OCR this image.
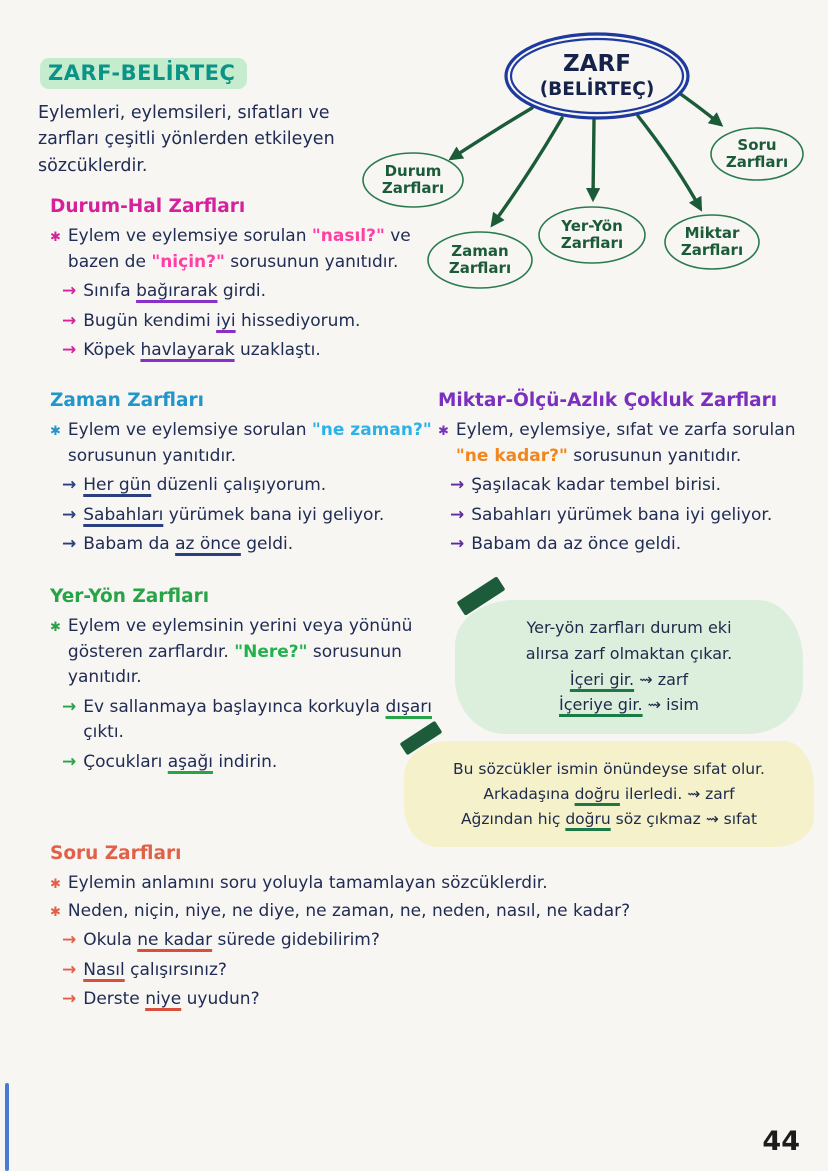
ZARF-BELİRTEÇ

Eylemleri, eylemsileri, sıfatları ve zarfları çeşitli yönlerden etkileyen sözcüklerdir.

ZARF
(BELİRTEÇ)
Durum
Zarfları
Zaman
Zarfları
Yer-Yön
Zarfları
Miktar
Zarfları
Soru
Zarfları
Durum-Hal Zarfları
✱ Eylem ve eylemsiye sorulan "nasıl?" ve bazen de "niçin?" sorusunun yanıtıdır.
→ Sınıfa bağırarak girdi.
→ Bugün kendimi iyi hissediyorum.
→ Köpek havlayarak uzaklaştı.
Zaman Zarfları
✱ Eylem ve eylemsiye sorulan "ne zaman?" sorusunun yanıtıdır.
→ Her gün düzenli çalışıyorum.
→ Sabahları yürümek bana iyi geliyor.
→ Babam da az önce geldi.
Miktar-Ölçü-Azlık Çokluk Zarfları
✱ Eylem, eylemsiye, sıfat ve zarfa sorulan "ne kadar?" sorusunun yanıtıdır.
→ Şaşılacak kadar tembel birisi.
→ Sabahları yürümek bana iyi geliyor.
→ Babam da az önce geldi.
Yer-Yön Zarfları
✱ Eylem ve eylemsinin yerini veya yönünü gösteren zarflardır. "Nere?" sorusunun yanıtıdır.
→ Ev sallanmaya başlayınca korkuyla dışarı çıktı.
→ Çocukları aşağı indirin.
Yer-yön zarfları durum eki
alırsa zarf olmaktan çıkar.
İçeri gir. ⇝ zarf
İçeriye gir. ⇝ isim
Bu sözcükler ismin önündeyse sıfat olur.
Arkadaşına doğru ilerledi. ⇝ zarf
Ağzından hiç doğru söz çıkmaz ⇝ sıfat
Soru Zarfları
✱ Eylemin anlamını soru yoluyla tamamlayan sözcüklerdir.
✱ Neden, niçin, niye, ne diye, ne zaman, ne, neden, nasıl, ne kadar?
→ Okula ne kadar sürede gidebilirim?
→ Nasıl çalışırsınız?
→ Derste niye uyudun?
44
